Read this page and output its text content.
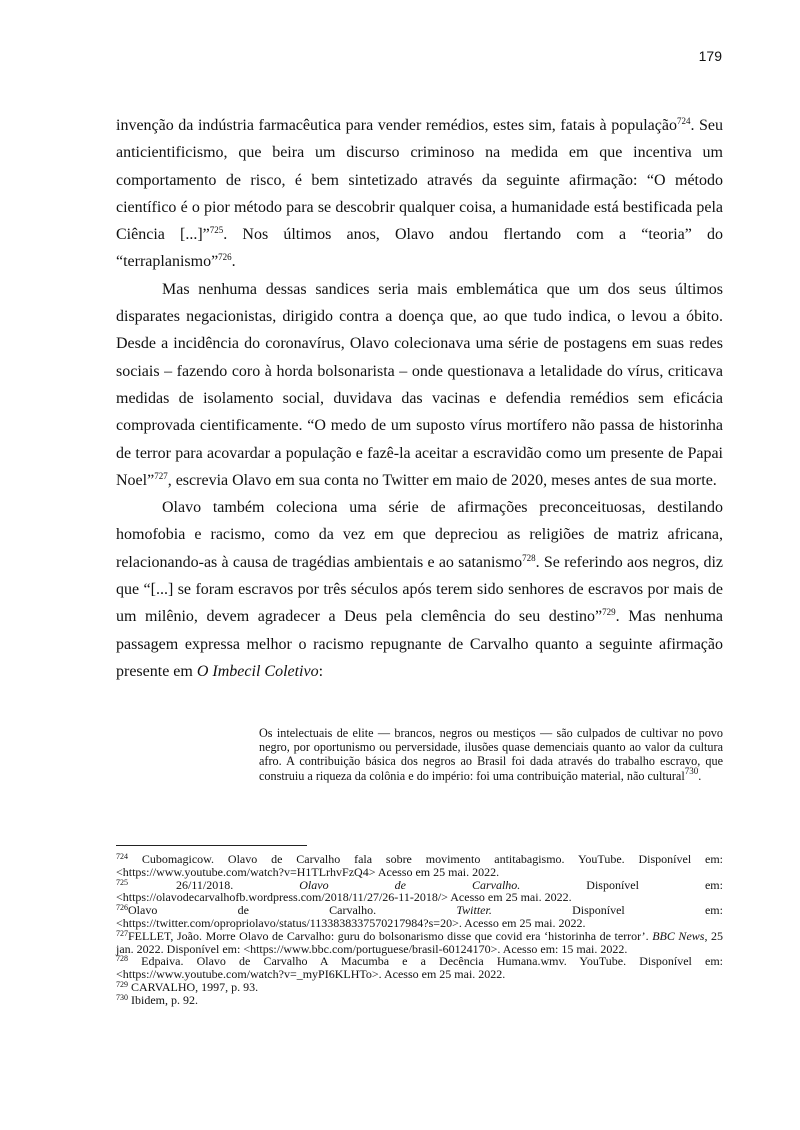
179

invenção da indústria farmacêutica para vender remédios, estes sim, fatais à população$^{724}$. Seu anticientificismo, que beira um discurso criminoso na medida em que incentiva um comportamento de risco, é bem sintetizado através da seguinte afirmação: “O método científico é o pior método para se descobrir qualquer coisa, a humanidade está bestificada pela Ciência [...]”$^{725}$. Nos últimos anos, Olavo andou flertando com a “teoria” do “terraplanismo”$^{726}$.

Mas nenhuma dessas sandices seria mais emblemática que um dos seus últimos disparates negacionistas, dirigido contra a doença que, ao que tudo indica, o levou a óbito. Desde a incidência do coronavírus, Olavo colecionava uma série de postagens em suas redes sociais – fazendo coro à horda bolsonarista – onde questionava a letalidade do vírus, criticava medidas de isolamento social, duvidava das vacinas e defendia remédios sem eficácia comprovada cientificamente. “O medo de um suposto vírus mortífero não passa de historinha de terror para acovardar a população e fazê-la aceitar a escravidão como um presente de Papai Noel”$^{727}$, escrevia Olavo em sua conta no Twitter em maio de 2020, meses antes de sua morte.

Olavo também coleciona uma série de afirmações preconceituosas, destilando homofobia e racismo, como da vez em que depreciou as religiões de matriz africana, relacionando-as à causa de tragédias ambientais e ao satanismo$^{728}$. Se referindo aos negros, diz que “[...] se foram escravos por três séculos após terem sido senhores de escravos por mais de um milênio, devem agradecer a Deus pela clemência do seu destino”$^{729}$. Mas nenhuma passagem expressa melhor o racismo repugnante de Carvalho quanto a seguinte afirmação presente em O Imbecil Coletivo:

Os intelectuais de elite — brancos, negros ou mestiços — são culpados de cultivar no povo negro, por oportunismo ou perversidade, ilusões quase demenciais quanto ao valor da cultura afro. A contribuição básica dos negros ao Brasil foi dada através do trabalho escravo, que construiu a riqueza da colônia e do império: foi uma contribuição material, não cultural$^{730}$.

$^{724}$ Cubomagicow. Olavo de Carvalho fala sobre movimento antitabagismo. YouTube. Disponível em:

<https://www.youtube.com/watch?v=H1TLrhvFzQ4> Acesso em 25 mai. 2022.

$^{725}$	26/11/2018.	Olavo	de	Carvalho.	Disponível	em:

<https://olavodecarvalhofb.wordpress.com/2018/11/27/26-11-2018/> Acesso em 25 mai. 2022.

$^{726}$Olavo	de	Carvalho.	Twitter.	Disponível	em:

<https://twitter.com/opropriolavo/status/1133838337570217984?s=20>. Acesso em 25 mai. 2022.

$^{727}$FELLET, João. Morre Olavo de Carvalho: guru do bolsonarismo disse que covid era ‘historinha de terror’. BBC News, 25 jan. 2022. Disponível em: <https://www.bbc.com/portuguese/brasil-60124170>. Acesso em: 15 mai. 2022.

$^{728}$ Edpaiva. Olavo de Carvalho A Macumba e a Decência Humana.wmv. YouTube. Disponível em:

<https://www.youtube.com/watch?v=_myPI6KLHTo>. Acesso em 25 mai. 2022.

$^{729}$ CARVALHO, 1997, p. 93.

$^{730}$ Ibidem, p. 92.
